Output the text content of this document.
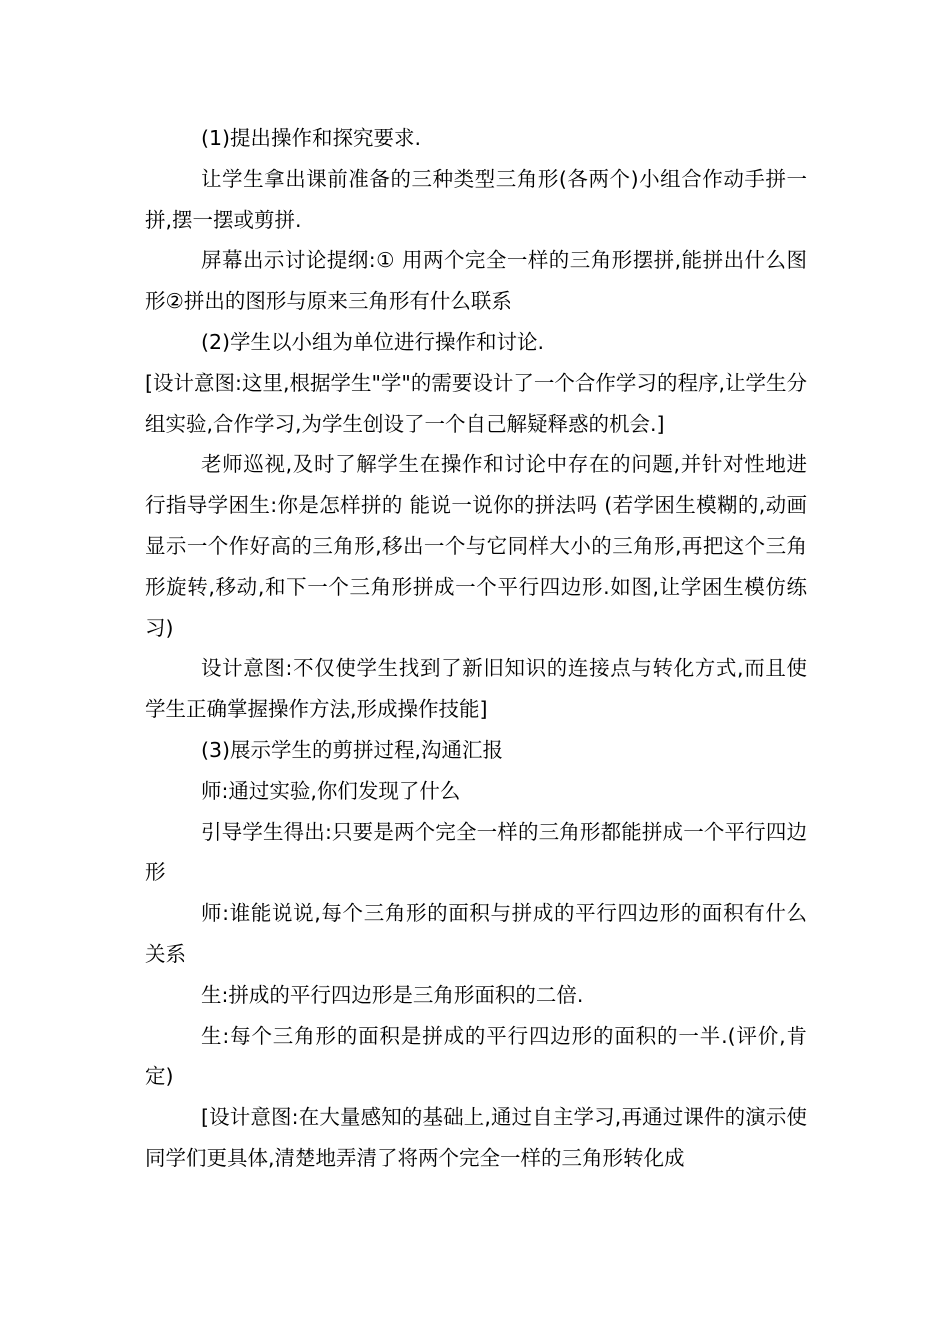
(1)提出操作和探究要求.

让学生拿出课前准备的三种类型三角形(各两个)小组合作动手拼一拼,摆一摆或剪拼.

屏幕出示讨论提纲:① 用两个完全一样的三角形摆拼,能拼出什么图形②拼出的图形与原来三角形有什么联系

(2)学生以小组为单位进行操作和讨论.

[设计意图:这里,根据学生"学"的需要设计了一个合作学习的程序,让学生分组实验,合作学习,为学生创设了一个自己解疑释惑的机会.]

老师巡视,及时了解学生在操作和讨论中存在的问题,并针对性地进行指导学困生:你是怎样拼的 能说一说你的拼法吗 (若学困生模糊的,动画显示一个作好高的三角形,移出一个与它同样大小的三角形,再把这个三角形旋转,移动,和下一个三角形拼成一个平行四边形.如图,让学困生模仿练习)

设计意图:不仅使学生找到了新旧知识的连接点与转化方式,而且使学生正确掌握操作方法,形成操作技能]

(3)展示学生的剪拼过程,沟通汇报

师:通过实验,你们发现了什么

引导学生得出:只要是两个完全一样的三角形都能拼成一个平行四边形

师:谁能说说,每个三角形的面积与拼成的平行四边形的面积有什么关系

生:拼成的平行四边形是三角形面积的二倍.

生:每个三角形的面积是拼成的平行四边形的面积的一半.(评价,肯定)

[设计意图:在大量感知的基础上,通过自主学习,再通过课件的演示使同学们更具体,清楚地弄清了将两个完全一样的三角形转化成
